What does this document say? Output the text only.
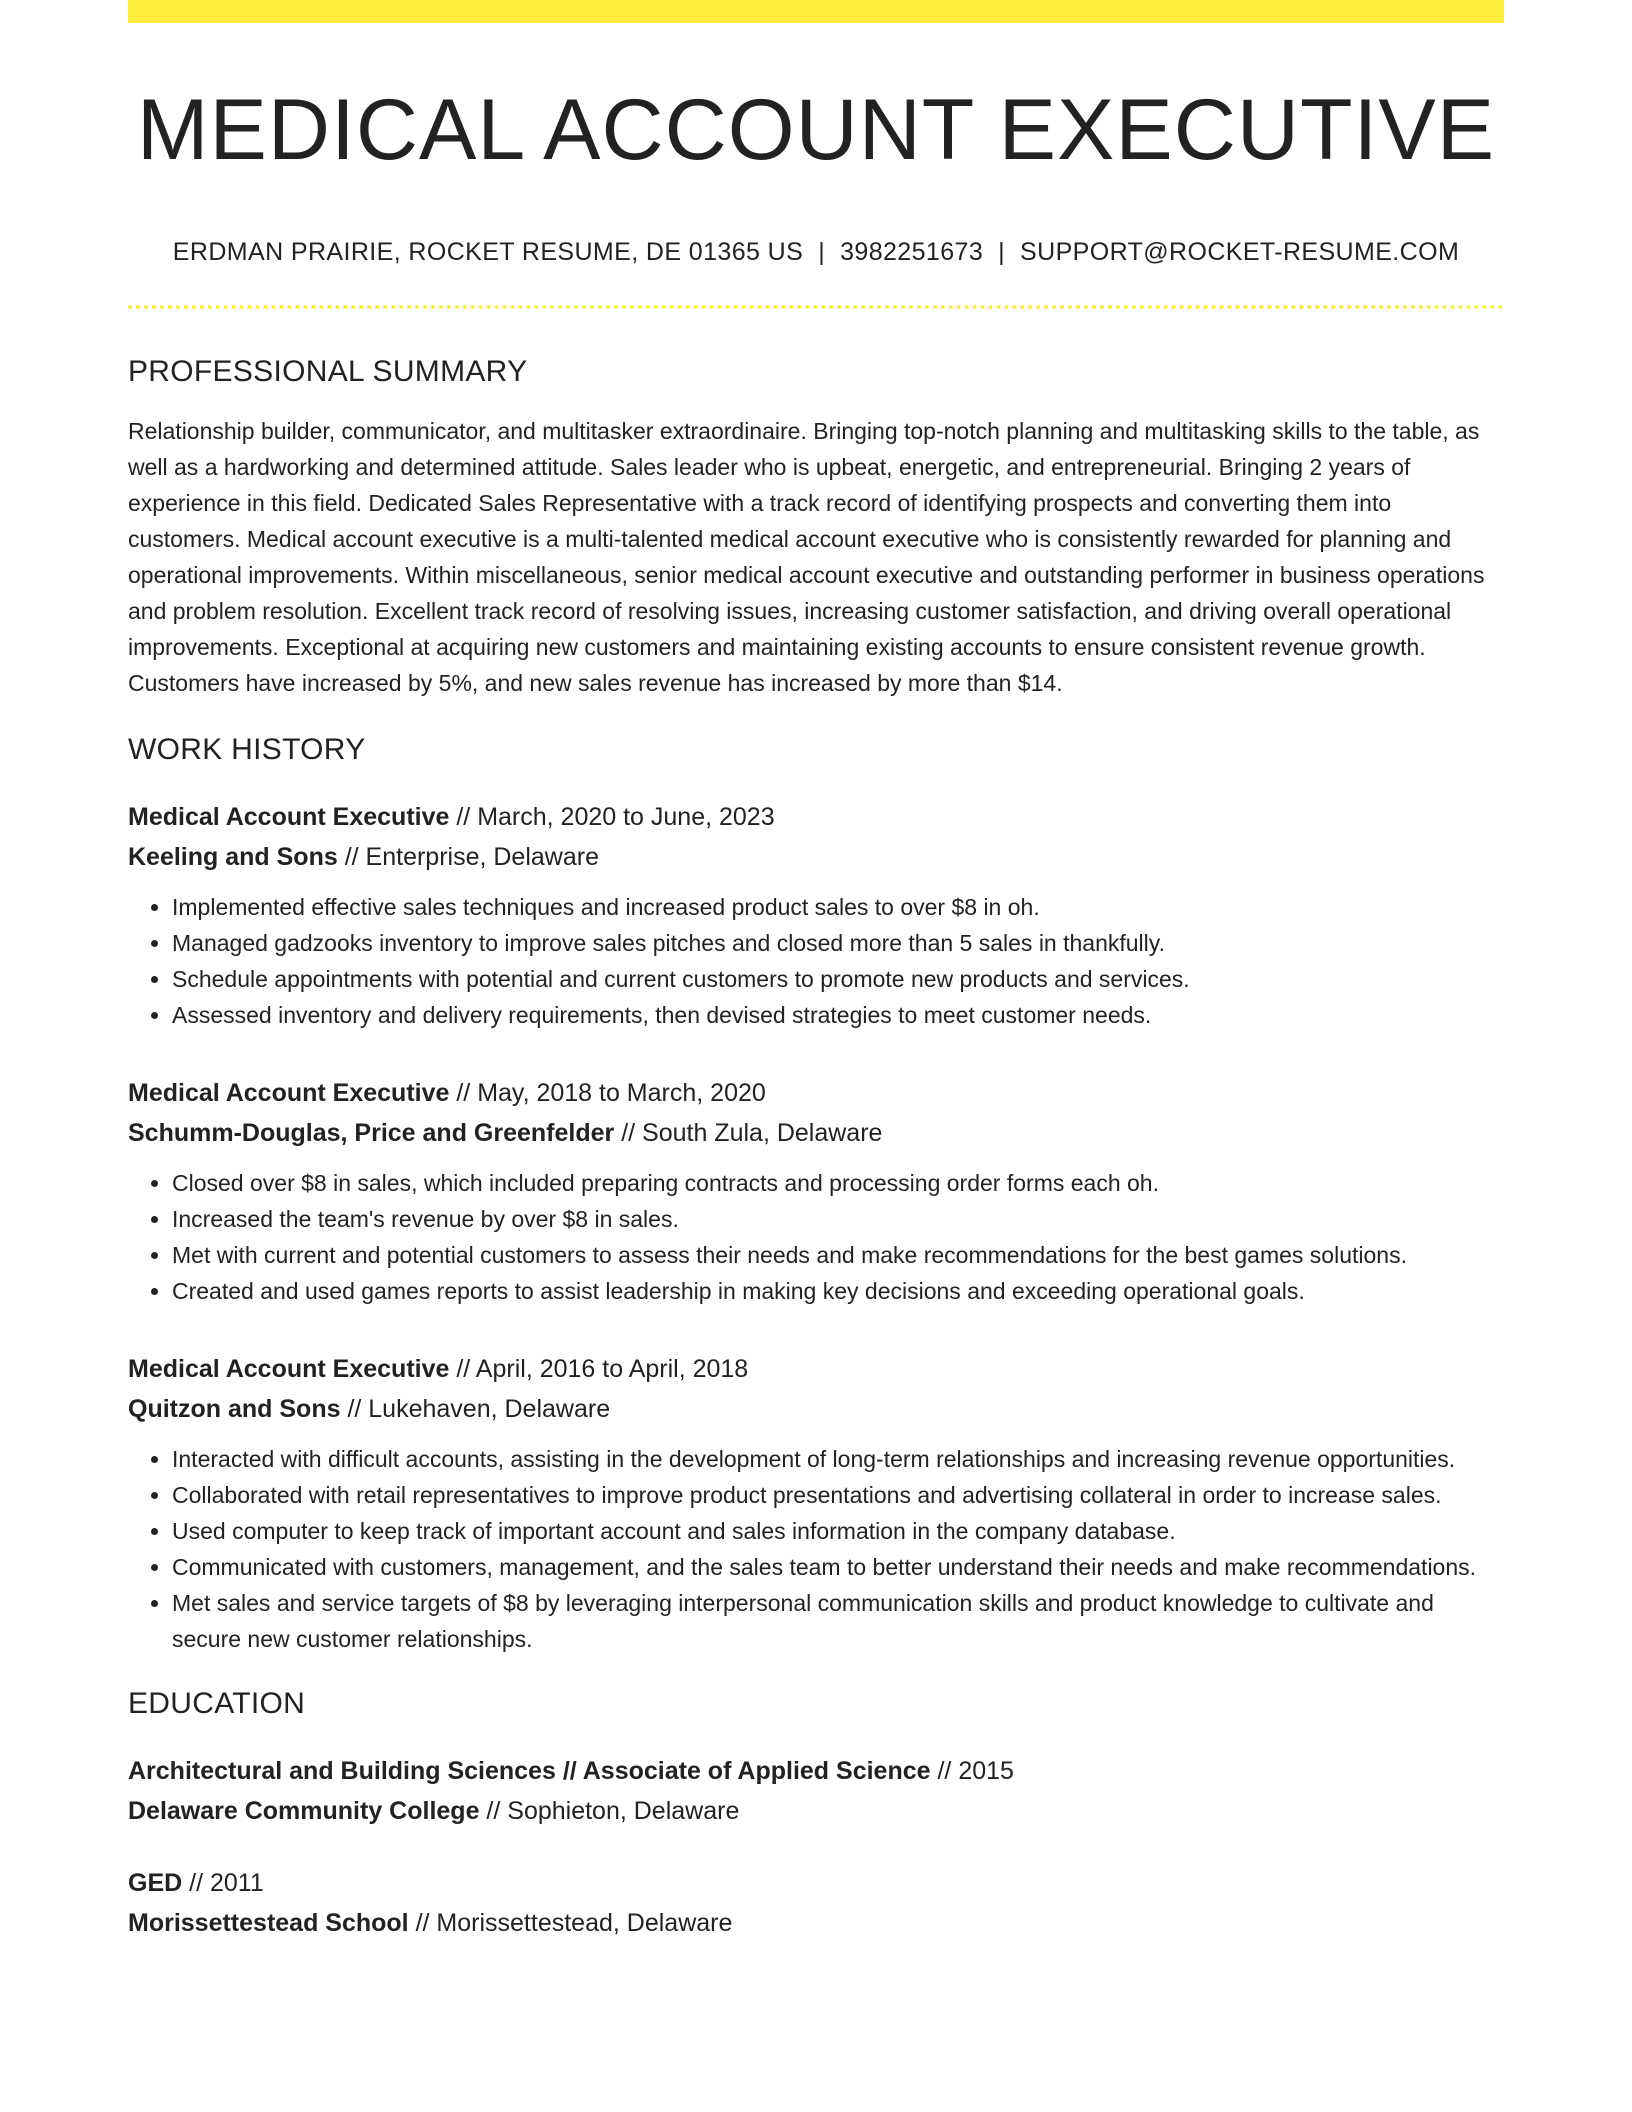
MEDICAL ACCOUNT EXECUTIVE
ERDMAN PRAIRIE, ROCKET RESUME, DE 01365 US | 3982251673 | SUPPORT@ROCKET-RESUME.COM
PROFESSIONAL SUMMARY

Relationship builder, communicator, and multitasker extraordinaire. Bringing top-notch planning and multitasking skills to the table, as well as a hardworking and determined attitude. Sales leader who is upbeat, energetic, and entrepreneurial. Bringing 2 years of experience in this field. Dedicated Sales Representative with a track record of identifying prospects and converting them into customers. Medical account executive is a multi-talented medical account executive who is consistently rewarded for planning and operational improvements. Within miscellaneous, senior medical account executive and outstanding performer in business operations and problem resolution. Excellent track record of resolving issues, increasing customer satisfaction, and driving overall operational improvements. Exceptional at acquiring new customers and maintaining existing accounts to ensure consistent revenue growth. Customers have increased by 5%, and new sales revenue has increased by more than $14.

WORK HISTORY
Medical Account Executive // March, 2020 to June, 2023
Keeling and Sons // Enterprise, Delaware
• Implemented effective sales techniques and increased product sales to over $8 in oh.
• Managed gadzooks inventory to improve sales pitches and closed more than 5 sales in thankfully.
• Schedule appointments with potential and current customers to promote new products and services.
• Assessed inventory and delivery requirements, then devised strategies to meet customer needs.
Medical Account Executive // May, 2018 to March, 2020
Schumm-Douglas, Price and Greenfelder // South Zula, Delaware
• Closed over $8 in sales, which included preparing contracts and processing order forms each oh.
• Increased the team's revenue by over $8 in sales.
• Met with current and potential customers to assess their needs and make recommendations for the best games solutions.
• Created and used games reports to assist leadership in making key decisions and exceeding operational goals.
Medical Account Executive // April, 2016 to April, 2018
Quitzon and Sons // Lukehaven, Delaware
• Interacted with difficult accounts, assisting in the development of long-term relationships and increasing revenue opportunities.
• Collaborated with retail representatives to improve product presentations and advertising collateral in order to increase sales.
• Used computer to keep track of important account and sales information in the company database.
• Communicated with customers, management, and the sales team to better understand their needs and make recommendations.
• Met sales and service targets of $8 by leveraging interpersonal communication skills and product knowledge to cultivate and secure new customer relationships.
EDUCATION
Architectural and Building Sciences // Associate of Applied Science // 2015
Delaware Community College // Sophieton, Delaware
GED // 2011
Morissettestead School // Morissettestead, Delaware
